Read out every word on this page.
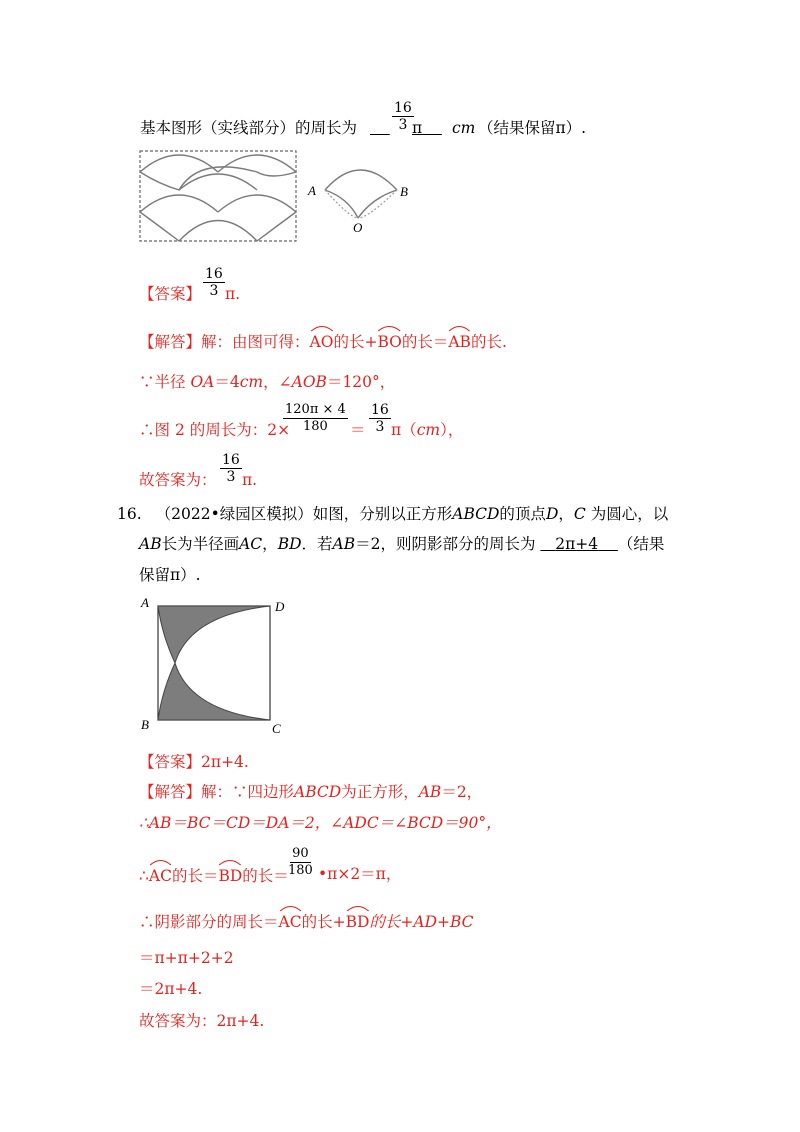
基本图形（实线部分）的周长为
$\frac{16}{3}$
π	cm （结果保留π）.
A	B
O
【答案】 $\frac{16}{3} \pi$.
【解答】解：由图可得：
AO的长+
BO的长＝
AB的长.
∵半径 OA＝4cm，∠AOB＝120°，
∴图 2 的周长为：2×
$\frac{120\pi \times 4}{180} = \frac{16}{3} \pi(cm)$，
故答案为： $\frac{16}{3} \pi$.
16. （2022•绿园区模拟）如图，分别以正方形ABCD的顶点D，C 为圆心，以
AB长为半径画AC，BD．若AB＝2，则阴影部分的周长为 2π+4 （结果
保留π）.
A	D
B	C
【答案】2π+4.
【解答】解：∵四边形ABCD为正方形，AB＝2，
∴AB＝BC＝CD＝DA＝2，∠ADC＝∠BCD＝90°，
∴
AC的长＝
BD的长＝ $\frac{90}{180}$ •π×2＝π，
∴阴影部分的周长＝
AC的长+
BD的长+AD+BC
＝π+π+2+2
＝2π+4.
故答案为：2π+4.
